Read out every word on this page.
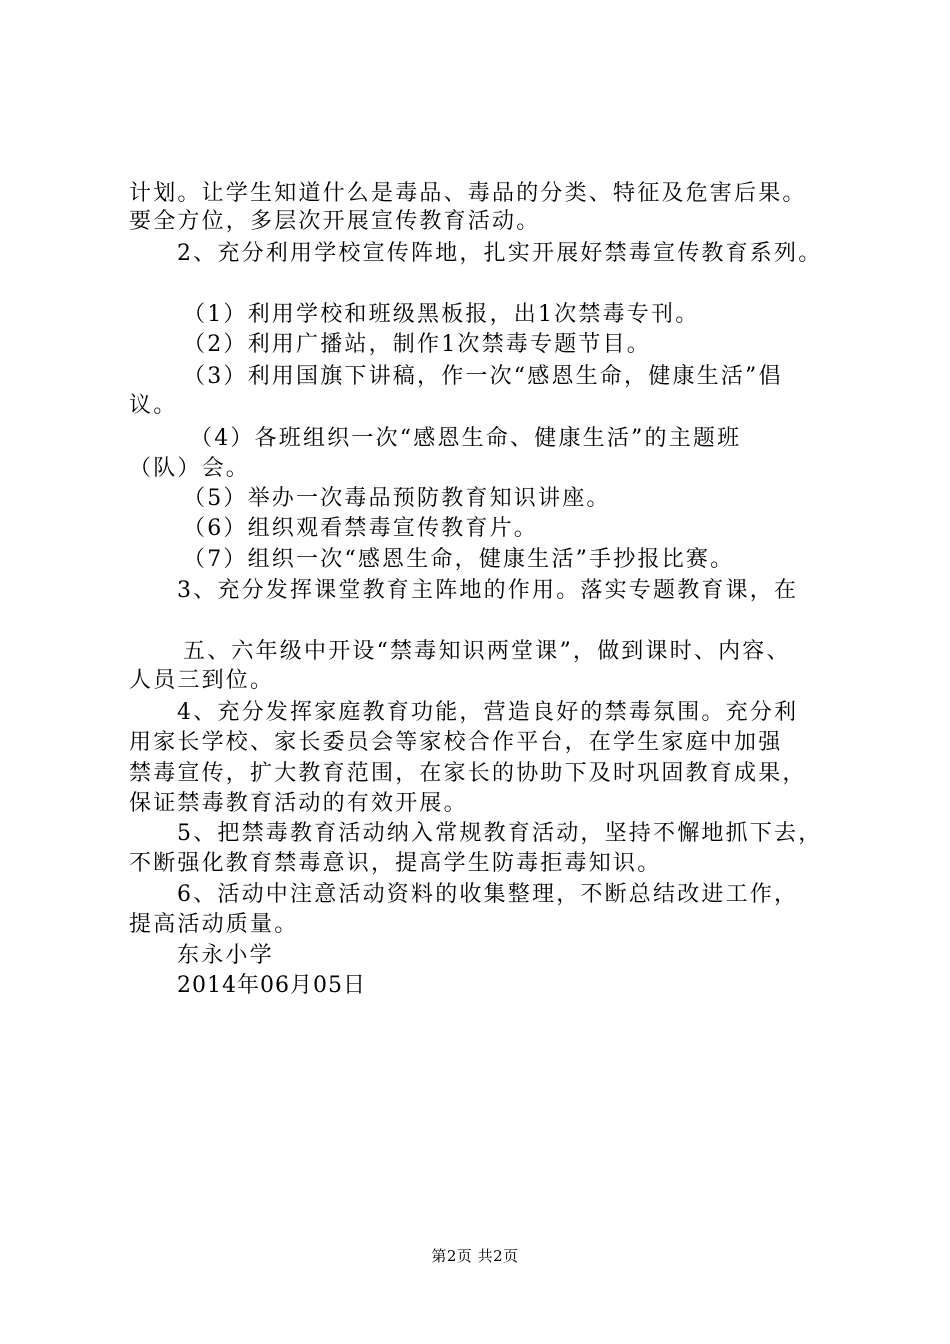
计划。让学生知道什么是毒品、毒品的分类、特征及危害后果。
要全方位，多层次开展宣传教育活动。
2、充分利用学校宣传阵地，扎实开展好禁毒宣传教育系列。
（1）利用学校和班级黑板报，出1次禁毒专刊。
（2）利用广播站，制作1次禁毒专题节目。
（3）利用国旗下讲稿，作一次“感恩生命，健康生活”倡
议。
（4）各班组织一次“感恩生命、健康生活”的主题班
（队）会。
（5）举办一次毒品预防教育知识讲座。
（6）组织观看禁毒宣传教育片。
（7）组织一次“感恩生命，健康生活”手抄报比赛。
3、充分发挥课堂教育主阵地的作用。落实专题教育课，在
五、六年级中开设“禁毒知识两堂课”，做到课时、内容、
人员三到位。
4、充分发挥家庭教育功能，营造良好的禁毒氛围。充分利
用家长学校、家长委员会等家校合作平台，在学生家庭中加强
禁毒宣传，扩大教育范围，在家长的协助下及时巩固教育成果，
保证禁毒教育活动的有效开展。
5、把禁毒教育活动纳入常规教育活动，坚持不懈地抓下去，
不断强化教育禁毒意识，提高学生防毒拒毒知识。
6、活动中注意活动资料的收集整理，不断总结改进工作，
提高活动质量。
东永小学
2014年06月05日
第2页 共2页
